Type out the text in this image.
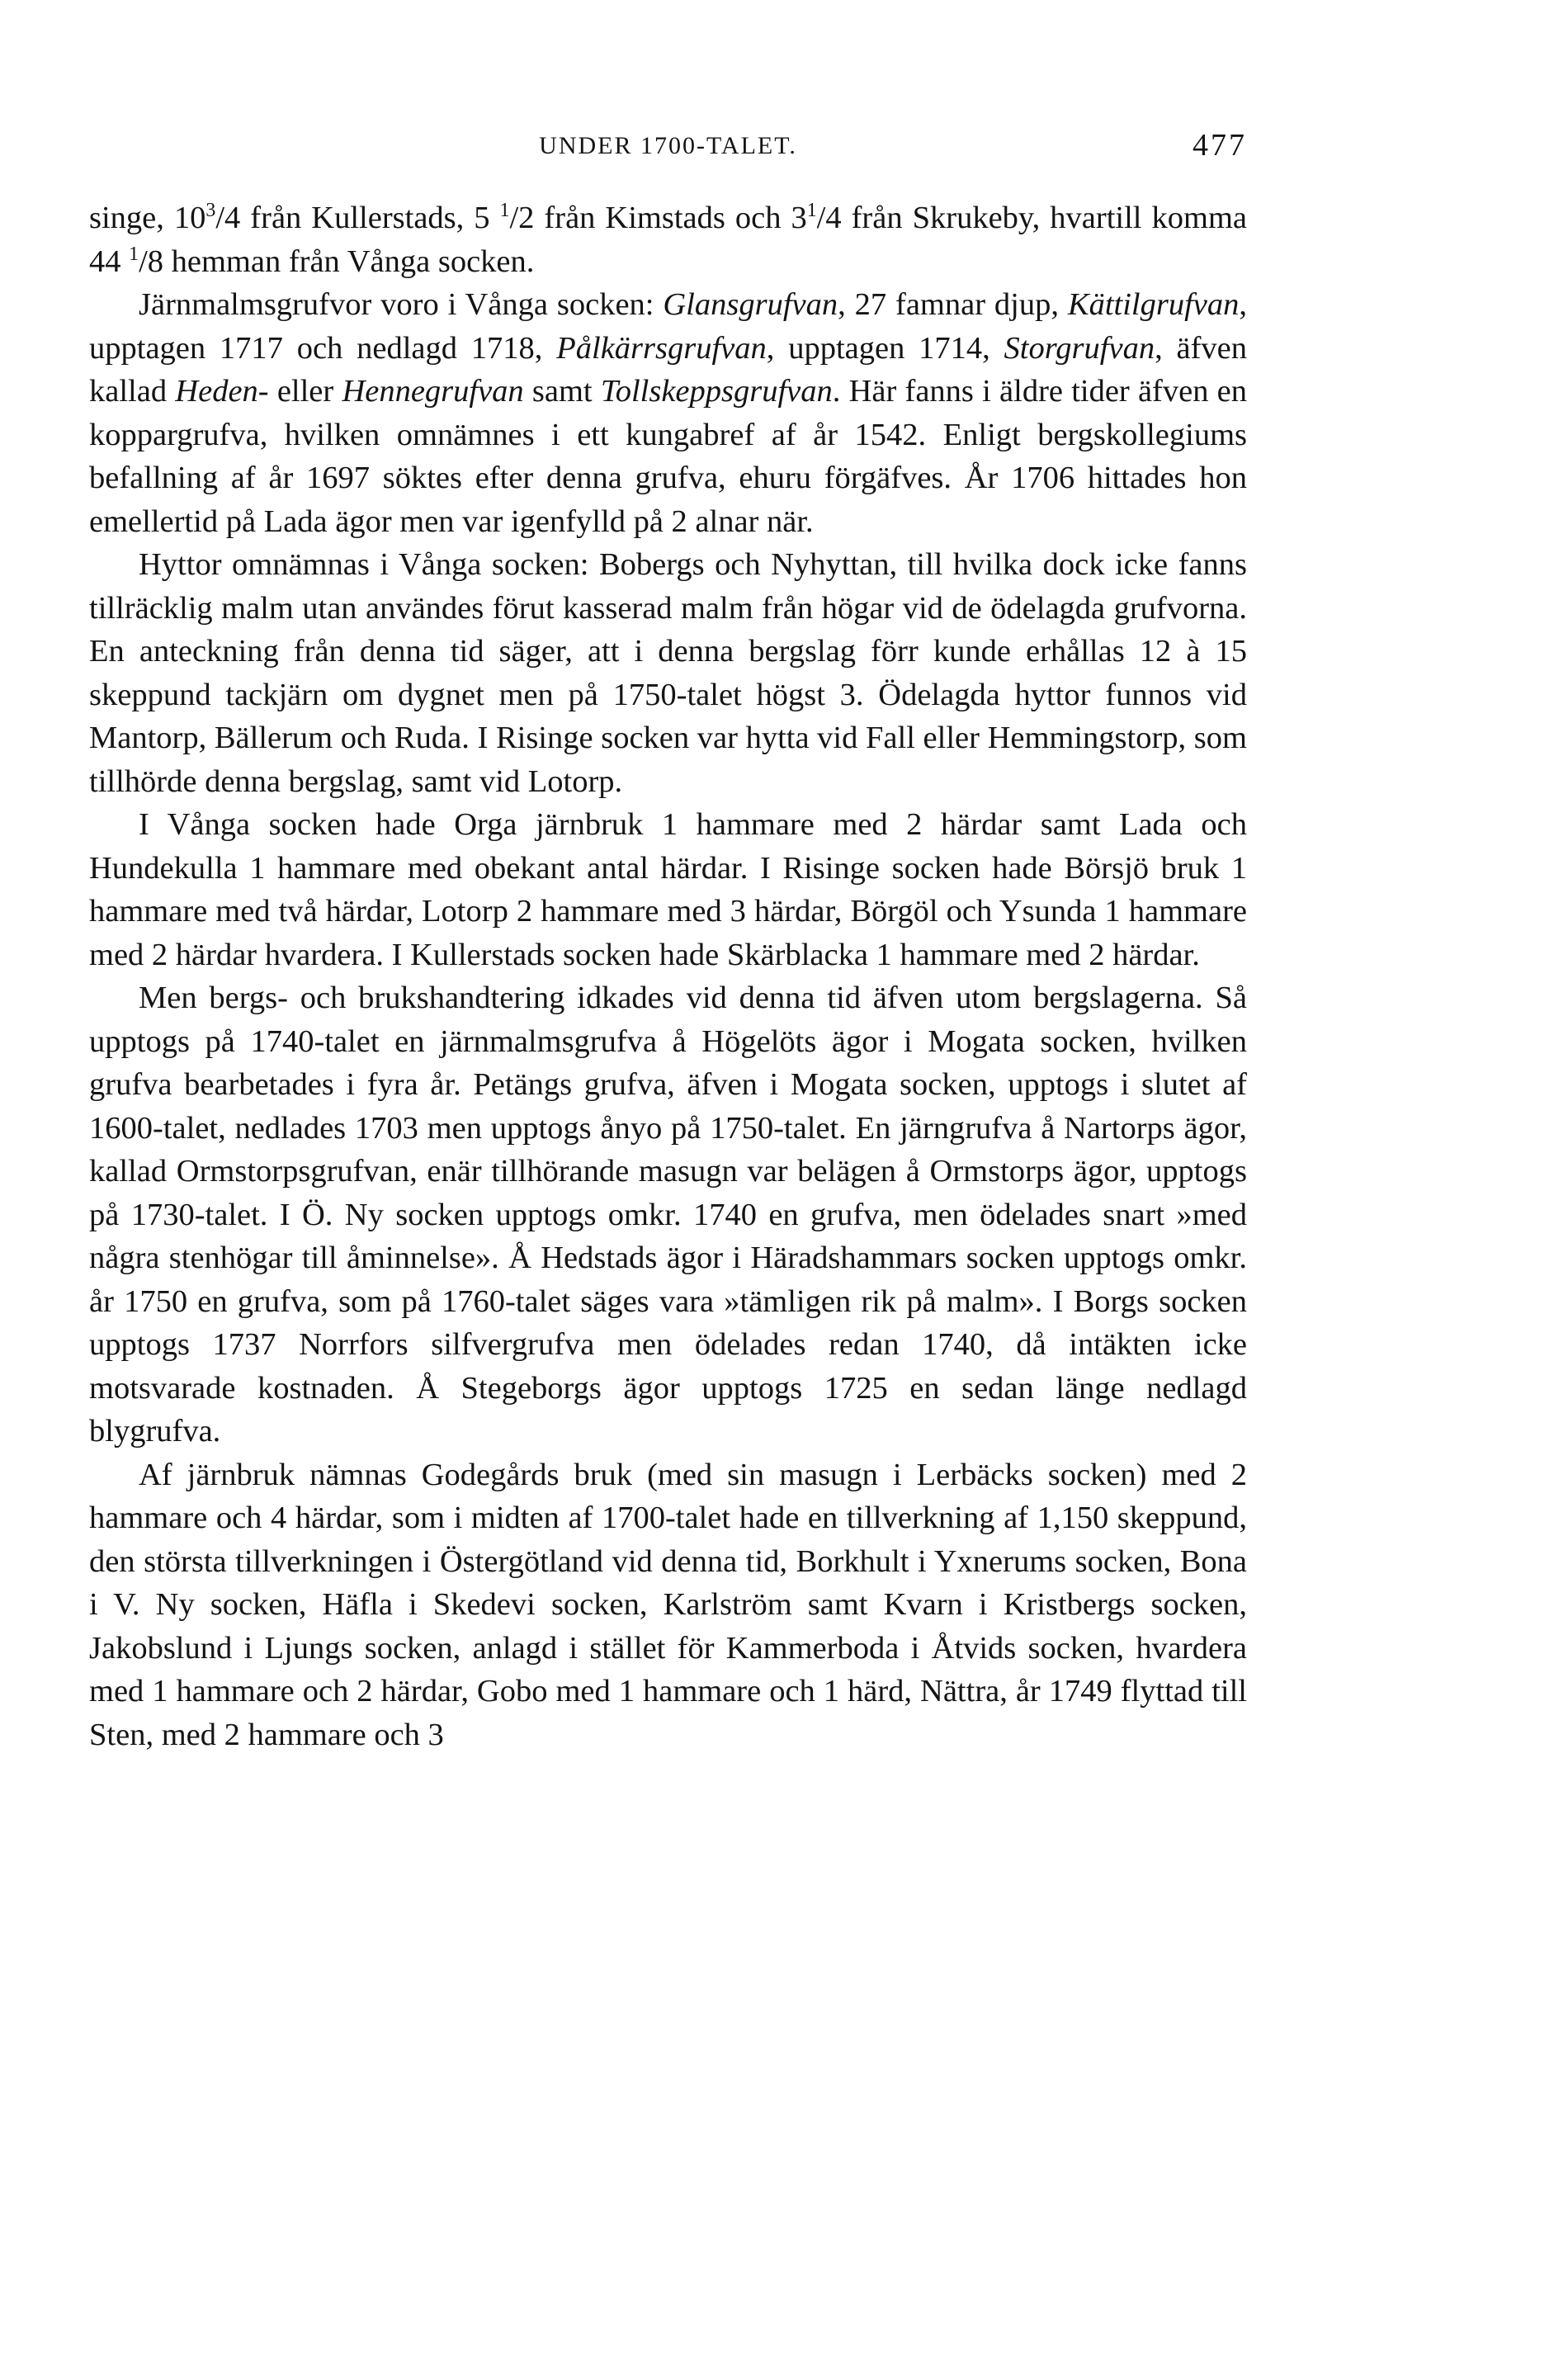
UNDER 1700-TALET.	477

singe, $10^3/4$ från Kullerstads, 5 $^1$/2 från Kimstads och $3^1/4$ från Skrukeby, hvartill komma 44 $^1$/8 hemman från Vånga socken.

Järnmalmsgrufvor voro i Vånga socken: Glansgrufvan, 27 famnar djup, Kättilgrufvan, upptagen 1717 och nedlagd 1718, Pålkärrsgrufvan, upptagen 1714, Storgrufvan, äfven kallad Heden- eller Hennegrufvan samt Tollskeppsgrufvan. Här fanns i äldre tider äfven en koppargrufva, hvilken omnämnes i ett kungabref af år 1542. Enligt bergskollegiums befallning af år 1697 söktes efter denna grufva, ehuru förgäfves. År 1706 hittades hon emellertid på Lada ägor men var igenfylld på 2 alnar när.

Hyttor omnämnas i Vånga socken: Bobergs och Nyhyttan, till hvilka dock icke fanns tillräcklig malm utan användes förut kasserad malm från högar vid de ödelagda grufvorna. En anteckning från denna tid säger, att i denna bergslag förr kunde erhållas 12 à 15 skeppund tackjärn om dygnet men på 1750-talet högst 3. Ödelagda hyttor funnos vid Mantorp, Bällerum och Ruda. I Risinge socken var hytta vid Fall eller Hemmingstorp, som tillhörde denna bergslag, samt vid Lotorp.

I Vånga socken hade Orga järnbruk 1 hammare med 2 härdar samt Lada och Hundekulla 1 hammare med obekant antal härdar. I Risinge socken hade Börsjö bruk 1 hammare med två härdar, Lotorp 2 hammare med 3 härdar, Börgöl och Ysunda 1 hammare med 2 härdar hvardera. I Kullerstads socken hade Skärblacka 1 hammare med 2 härdar.

Men bergs- och brukshandtering idkades vid denna tid äfven utom bergslagerna. Så upptogs på 1740-talet en järnmalmsgrufva å Högelöts ägor i Mogata socken, hvilken grufva bearbetades i fyra år. Petängs grufva, äfven i Mogata socken, upptogs i slutet af 1600-talet, nedlades 1703 men upptogs ånyo på 1750-talet. En järngrufva å Nartorps ägor, kallad Ormstorpsgrufvan, enär tillhörande masugn var belägen å Ormstorps ägor, upptogs på 1730-talet. I Ö. Ny socken upptogs omkr. 1740 en grufva, men ödelades snart »med några stenhögar till åminnelse». Å Hedstads ägor i Häradshammars socken upptogs omkr. år 1750 en grufva, som på 1760-talet säges vara »tämligen rik på malm». I Borgs socken upptogs 1737 Norrfors silfvergrufva men ödelades redan 1740, då intäkten icke motsvarade kostnaden. Å Stegeborgs ägor upptogs 1725 en sedan länge nedlagd blygrufva.

Af järnbruk nämnas Godegårds bruk (med sin masugn i Lerbäcks socken) med 2 hammare och 4 härdar, som i midten af 1700-talet hade en tillverkning af 1,150 skeppund, den största tillverkningen i Östergötland vid denna tid, Borkhult i Yxnerums socken, Bona i V. Ny socken, Häfla i Skedevi socken, Karlström samt Kvarn i Kristbergs socken, Jakobslund i Ljungs socken, anlagd i stället för Kammerboda i Åtvids socken, hvardera med 1 hammare och 2 härdar, Gobo med 1 hammare och 1 härd, Nättra, år 1749 flyttad till Sten, med 2 hammare och 3
